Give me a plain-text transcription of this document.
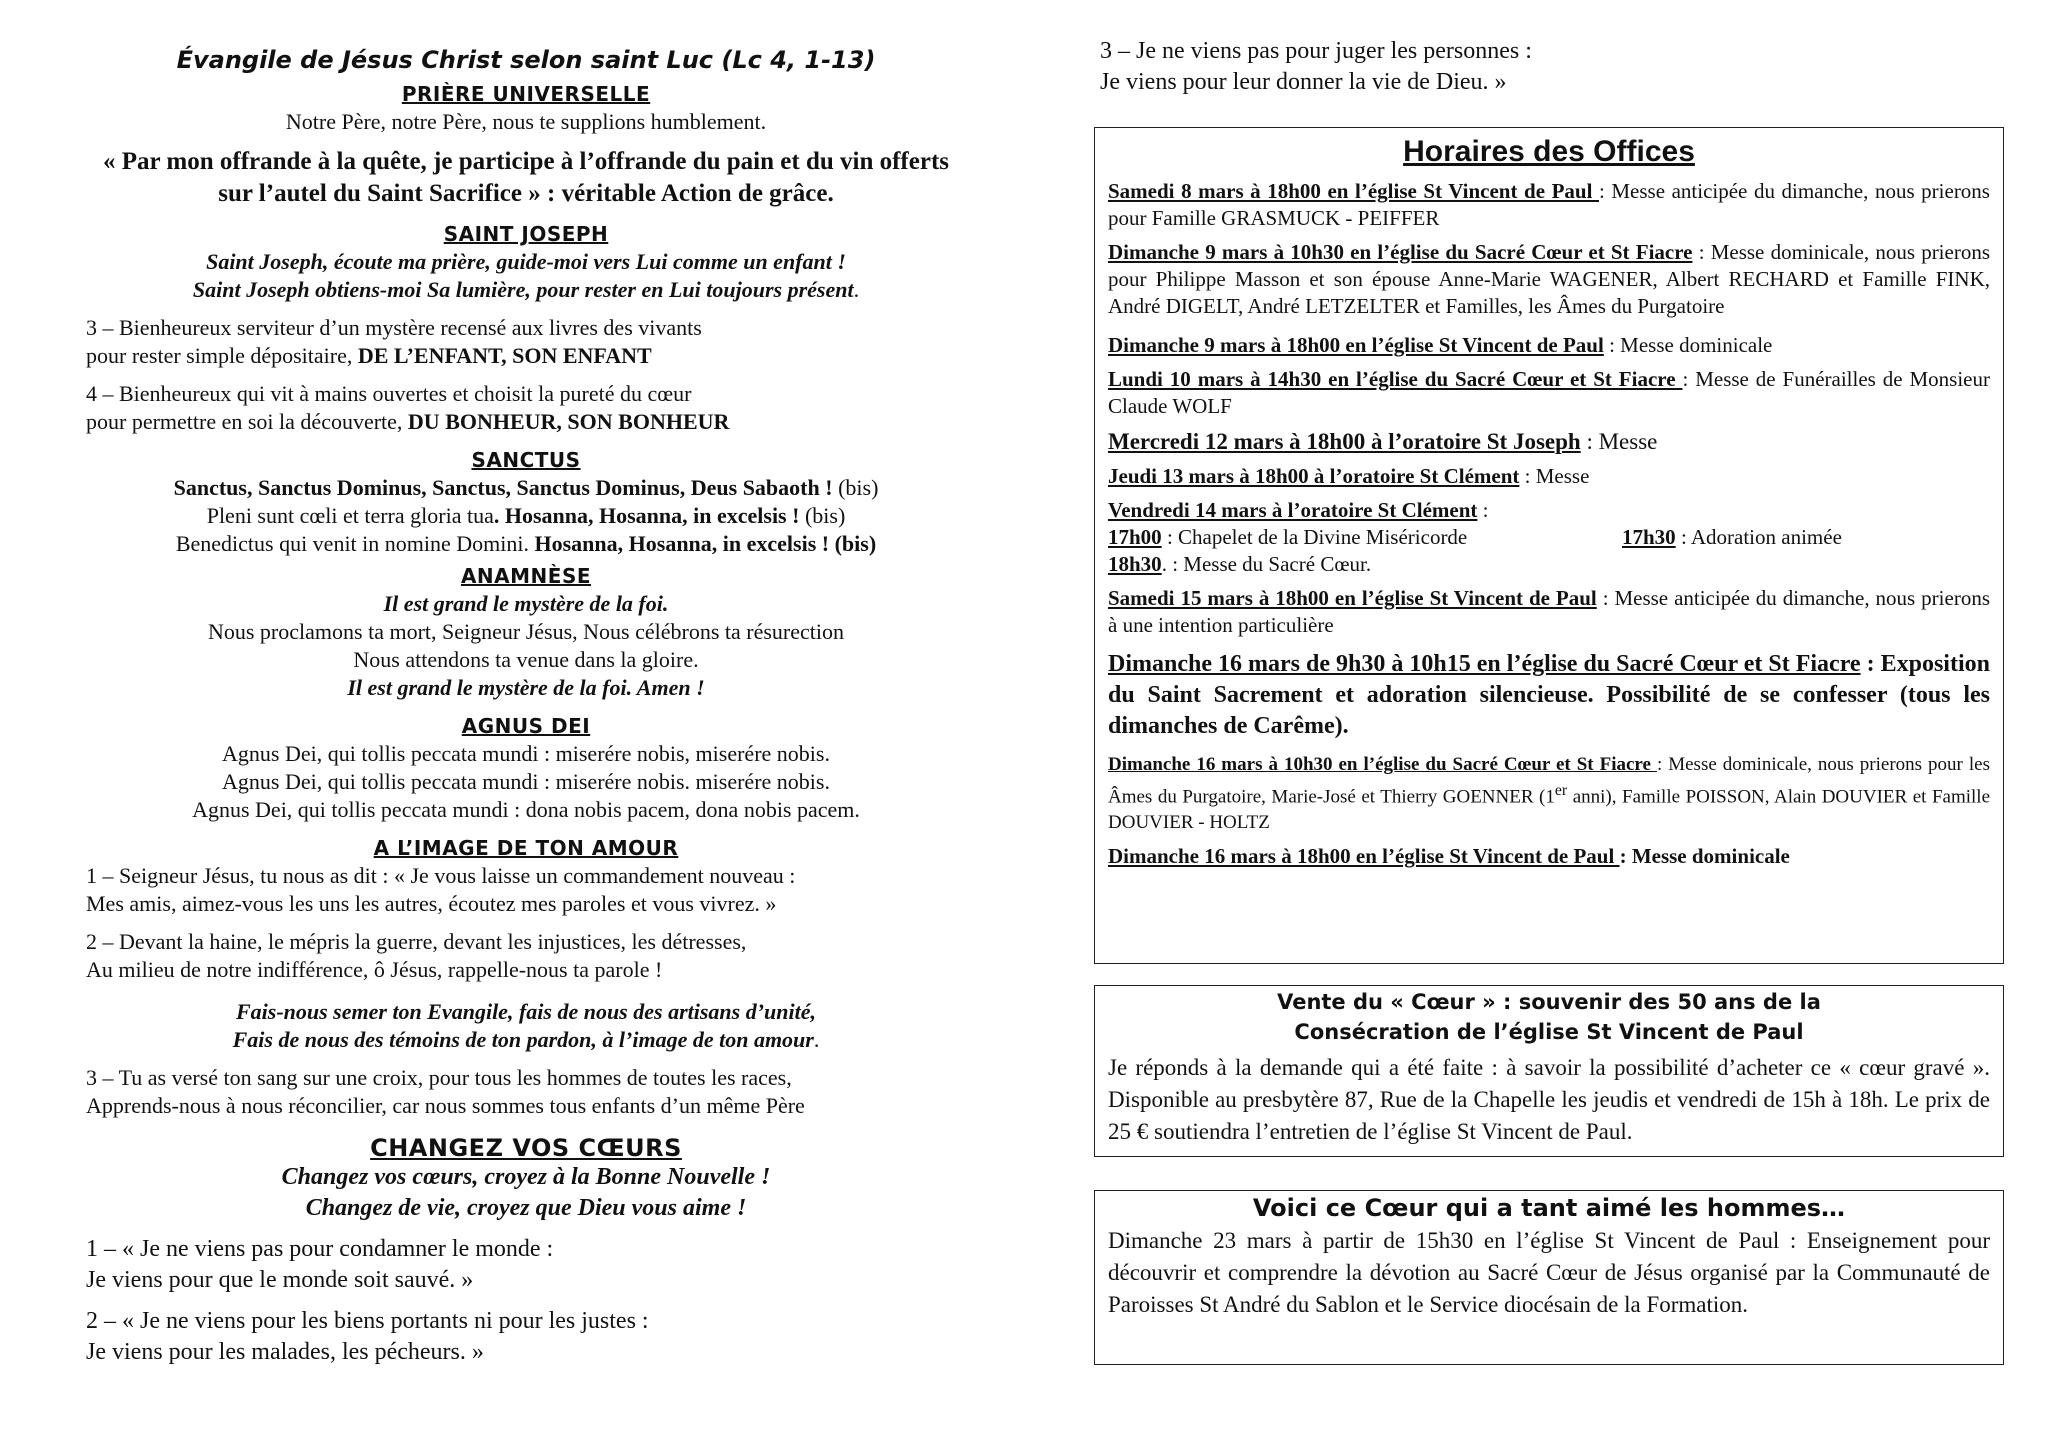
Évangile de Jésus Christ selon saint Luc (Lc 4, 1-13)

PRIÈRE UNIVERSELLE

Notre Père, notre Père, nous te supplions humblement.

« Par mon offrande à la quête, je participe à l’offrande du pain et du vin offerts sur l’autel du Saint Sacrifice » : véritable Action de grâce.

SAINT JOSEPH

Saint Joseph, écoute ma prière, guide-moi vers Lui comme un enfant !

Saint Joseph obtiens-moi Sa lumière, pour rester en Lui toujours présent.

3 – Bienheureux serviteur d’un mystère recensé aux livres des vivants

pour rester simple dépositaire, DE L’ENFANT, SON ENFANT

4 – Bienheureux qui vit à mains ouvertes et choisit la pureté du cœur

pour permettre en soi la découverte, DU BONHEUR, SON BONHEUR

SANCTUS

Sanctus, Sanctus Dominus, Sanctus, Sanctus Dominus, Deus Sabaoth ! (bis)

Pleni sunt cœli et terra gloria tua. Hosanna, Hosanna, in excelsis ! (bis)

Benedictus qui venit in nomine Domini. Hosanna, Hosanna, in excelsis ! (bis)

ANAMNÈSE

Il est grand le mystère de la foi.

Nous proclamons ta mort, Seigneur Jésus, Nous célébrons ta résurection

Nous attendons ta venue dans la gloire.

Il est grand le mystère de la foi. Amen !

AGNUS DEI

Agnus Dei, qui tollis peccata mundi : miserére nobis, miserére nobis.

Agnus Dei, qui tollis peccata mundi : miserére nobis. miserére nobis.

Agnus Dei, qui tollis peccata mundi : dona nobis pacem, dona nobis pacem.

A L’IMAGE DE TON AMOUR

1 – Seigneur Jésus, tu nous as dit : « Je vous laisse un commandement nouveau :

Mes amis, aimez-vous les uns les autres, écoutez mes paroles et vous vivrez. »

2 – Devant la haine, le mépris la guerre, devant les injustices, les détresses,

Au milieu de notre indifférence, ô Jésus, rappelle-nous ta parole !

Fais-nous semer ton Evangile, fais de nous des artisans d’unité,

Fais de nous des témoins de ton pardon, à l’image de ton amour.

3 – Tu as versé ton sang sur une croix, pour tous les hommes de toutes les races,

Apprends-nous à nous réconcilier, car nous sommes tous enfants d’un même Père

CHANGEZ VOS CŒURS

Changez vos cœurs, croyez à la Bonne Nouvelle !

Changez de vie, croyez que Dieu vous aime !

1 – « Je ne viens pas pour condamner le monde :

Je viens pour que le monde soit sauvé. »

2 – « Je ne viens pour les biens portants ni pour les justes :

Je viens pour les malades, les pécheurs. »

3 – Je ne viens pas pour juger les personnes :

Je viens pour leur donner la vie de Dieu. »

Horaires des Offices

Samedi 8 mars à 18h00 en l’église St Vincent de Paul : Messe anticipée du dimanche, nous prierons pour Famille GRASMUCK - PEIFFER

Dimanche 9 mars à 10h30 en l’église du Sacré Cœur et St Fiacre : Messe dominicale, nous prierons pour Philippe Masson et son épouse Anne-Marie WAGENER, Albert RECHARD et Famille FINK, André DIGELT, André LETZELTER et Familles, les Âmes du Purgatoire

Dimanche 9 mars à 18h00 en l’église St Vincent de Paul : Messe dominicale

Lundi 10 mars à 14h30 en l’église du Sacré Cœur et St Fiacre : Messe de Funérailles de Monsieur Claude WOLF

Mercredi 12 mars à 18h00 à l’oratoire St Joseph : Messe

Jeudi 13 mars à 18h00 à l’oratoire St Clément : Messe

Vendredi 14 mars à l’oratoire St Clément :

17h00 : Chapelet de la Divine Miséricorde	17h30 : Adoration animée

18h30. : Messe du Sacré Cœur.

Samedi 15 mars à 18h00 en l’église St Vincent de Paul : Messe anticipée du dimanche, nous prierons à une intention particulière

Dimanche 16 mars de 9h30 à 10h15 en l’église du Sacré Cœur et St Fiacre : Exposition du Saint Sacrement et adoration silencieuse. Possibilité de se confesser (tous les dimanches de Carême).

Dimanche 16 mars à 10h30 en l’église du Sacré Cœur et St Fiacre : Messe dominicale, nous prierons pour les Âmes du Purgatoire, Marie-José et Thierry GOENNER (1er anni), Famille POISSON, Alain DOUVIER et Famille DOUVIER - HOLTZ

Dimanche 16 mars à 18h00 en l’église St Vincent de Paul : Messe dominicale

Vente du « Cœur » : souvenir des 50 ans de la

Consécration de l’église St Vincent de Paul

Je réponds à la demande qui a été faite : à savoir la possibilité d’acheter ce « cœur gravé ». Disponible au presbytère 87, Rue de la Chapelle les jeudis et vendredi de 15h à 18h. Le prix de 25 € soutiendra l’entretien de l’église St Vincent de Paul.

Voici ce Cœur qui a tant aimé les hommes…

Dimanche 23 mars à partir de 15h30 en l’église St Vincent de Paul : Enseignement pour découvrir et comprendre la dévotion au Sacré Cœur de Jésus organisé par la Communauté de Paroisses St André du Sablon et le Service diocésain de la Formation.
